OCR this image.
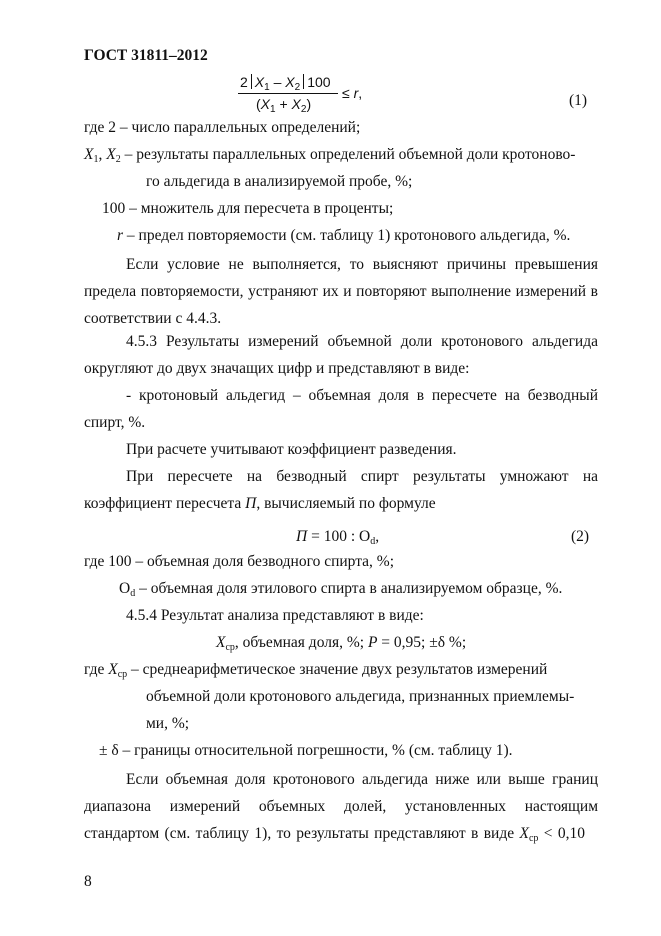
ГОСТ 31811–2012
2 $X_1 - X_2$ 100
$(X_1 + X_2)$
≤ r,	(1)
где 2 – число параллельных определений;
$X_1$, $X_2$ – результаты параллельных определений объемной доли кротоново-
го альдегида в анализируемой пробе, %;
100 – множитель для пересчета в проценты;
r – предел повторяемости (см. таблицу 1) кротонового альдегида, %.
Если условие не выполняется, то выясняют причины превышения
предела повторяемости, устраняют их и повторяют выполнение измерений в
соответствии с 4.4.3.
4.5.3 Результаты измерений объемной доли кротонового альдегида
округляют до двух значащих цифр и представляют в виде:
- кротоновый альдегид – объемная доля в пересчете на безводный
спирт, %.
При расчете учитывают коэффициент разведения.
При пересчете на безводный спирт результаты умножают на
коэффициент пересчета П, вычисляемый по формуле
П = 100 : $O_d$,	(2)
где 100 – объемная доля безводного спирта, %;
$O_d$ – объемная доля этилового спирта в анализируемом образце, %.
4.5.4 Результат анализа представляют в виде:
$X_{ср}$, объемная доля, %; P = 0,95; ±δ %;
где $X_{ср}$ – среднеарифметическое значение двух результатов измерений
объемной доли кротонового альдегида, признанных приемлемы-
ми, %;
± δ – границы относительной погрешности, % (см. таблицу 1).
Если объемная доля кротонового альдегида ниже или выше границ
диапазона измерений объемных долей, установленных настоящим
стандартом (см. таблицу 1), то результаты представляют в виде $X_{ср} < 0,10$
8
